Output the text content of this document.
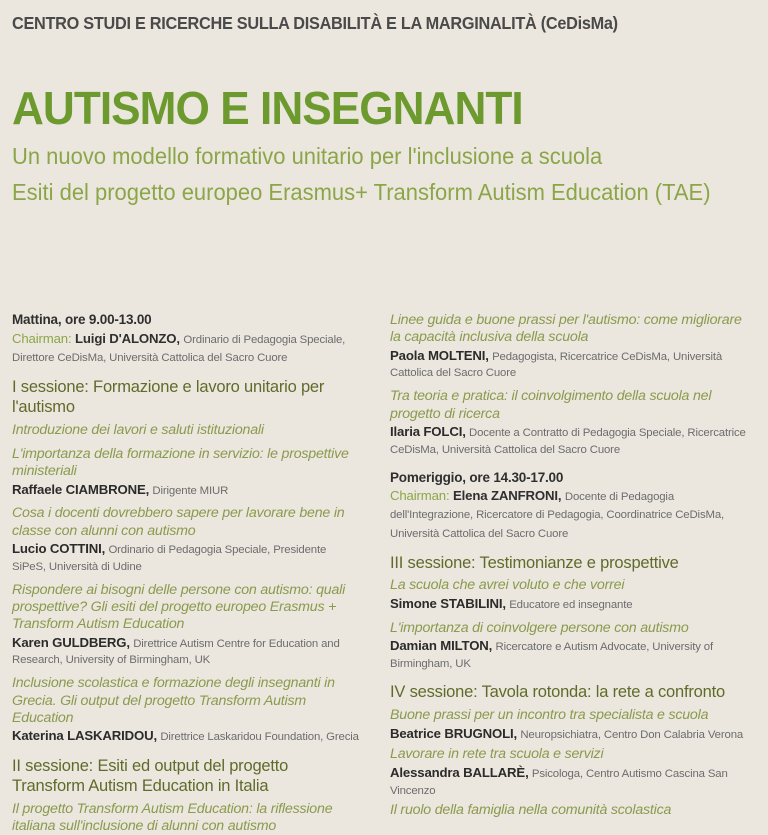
CENTRO STUDI E RICERCHE SULLA DISABILITÀ E LA MARGINALITÀ (CeDisMa)
AUTISMO E INSEGNANTI
Un nuovo modello formativo unitario per l'inclusione a scuola
Esiti del progetto europeo Erasmus+ Transform Autism Education (TAE)
Mattina, ore 9.00-13.00
Chairman: Luigi D'ALONZO, Ordinario di Pedagogia Speciale, Direttore CeDisMa, Università Cattolica del Sacro Cuore
I sessione: Formazione e lavoro unitario per l'autismo
Introduzione dei lavori e saluti istituzionali
L'importanza della formazione in servizio: le prospettive ministeriali
Raffaele CIAMBRONE, Dirigente MIUR
Cosa i docenti dovrebbero sapere per lavorare bene in classe con alunni con autismo
Lucio COTTINI, Ordinario di Pedagogia Speciale, Presidente SiPeS, Università di Udine
Rispondere ai bisogni delle persone con autismo: quali prospettive? Gli esiti del progetto europeo Erasmus + Transform Autism Education
Karen GULDBERG, Direttrice Autism Centre for Education and Research, University of Birmingham, UK
Inclusione scolastica e formazione degli insegnanti in Grecia. Gli output del progetto Transform Autism Education
Katerina LASKARIDOU, Direttrice Laskaridou Foundation, Grecia
II sessione: Esiti ed output del progetto Transform Autism Education in Italia
Il progetto Transform Autism Education: la riflessione italiana sull'inclusione di alunni con autismo
Linee guida e buone prassi per l'autismo: come migliorare la capacità inclusiva della scuola
Paola MOLTENI, Pedagogista, Ricercatrice CeDisMa, Università Cattolica del Sacro Cuore
Tra teoria e pratica: il coinvolgimento della scuola nel progetto di ricerca
Ilaria FOLCI, Docente a Contratto di Pedagogia Speciale, Ricercatrice CeDisMa, Università Cattolica del Sacro Cuore
Pomeriggio, ore 14.30-17.00
Chairman: Elena ZANFRONI, Docente di Pedagogia dell'Integrazione, Ricercatore di Pedagogia, Coordinatrice CeDisMa, Università Cattolica del Sacro Cuore
III sessione: Testimonianze e prospettive
La scuola che avrei voluto e che vorrei
Simone STABILINI, Educatore ed insegnante
L'importanza di coinvolgere persone con autismo
Damian MILTON, Ricercatore e Autism Advocate, University of Birmingham, UK
IV sessione: Tavola rotonda: la rete a confronto
Buone prassi per un incontro tra specialista e scuola
Beatrice BRUGNOLI, Neuropsichiatra, Centro Don Calabria Verona
Lavorare in rete tra scuola e servizi
Alessandra BALLARÈ, Psicologa, Centro Autismo Cascina San Vincenzo
Il ruolo della famiglia nella comunità scolastica
